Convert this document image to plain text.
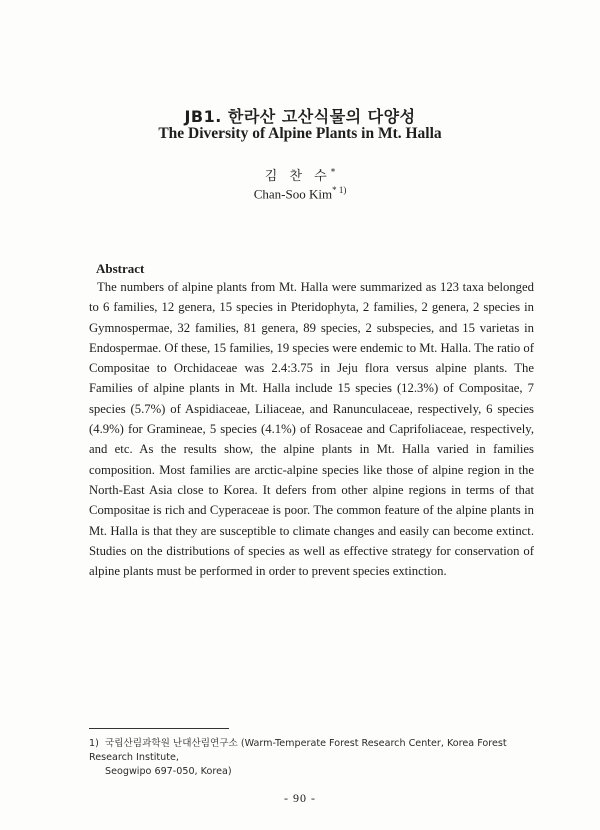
JB1. 한라산 고산식물의 다양성
The Diversity of Alpine Plants in Mt. Halla
김 찬 수*
Chan-Soo Kim$^{* 1)}$
Abstract
The numbers of alpine plants from Mt. Halla were summarized as 123 taxa belonged to 6 families, 12 genera, 15 species in Pteridophyta, 2 families, 2 genera, 2 species in Gymnospermae, 32 families, 81 genera, 89 species, 2 subspecies, and 15 varietas in Endospermae. Of these, 15 families, 19 species were endemic to Mt. Halla. The ratio of Compositae to Orchidaceae was 2.4:3.75 in Jeju flora versus alpine plants. The Families of alpine plants in Mt. Halla include 15 species (12.3%) of Compositae, 7 species (5.7%) of Aspidiaceae, Liliaceae, and Ranunculaceae, respectively, 6 species (4.9%) for Gramineae, 5 species (4.1%) of Rosaceae and Caprifoliaceae, respectively, and etc. As the results show, the alpine plants in Mt. Halla varied in families composition. Most families are arctic-alpine species like those of alpine region in the North-East Asia close to Korea. It defers from other alpine regions in terms of that Compositae is rich and Cyperaceae is poor. The common feature of the alpine plants in Mt. Halla is that they are susceptible to climate changes and easily can become extinct. Studies on the distributions of species as well as effective strategy for conservation of alpine plants must be performed in order to prevent species extinction.
1) 국립산림과학원 난대산림연구소 (Warm-Temperate Forest Research Center, Korea Forest Research Institute,
Seogwipo 697-050, Korea)
- 90 -
